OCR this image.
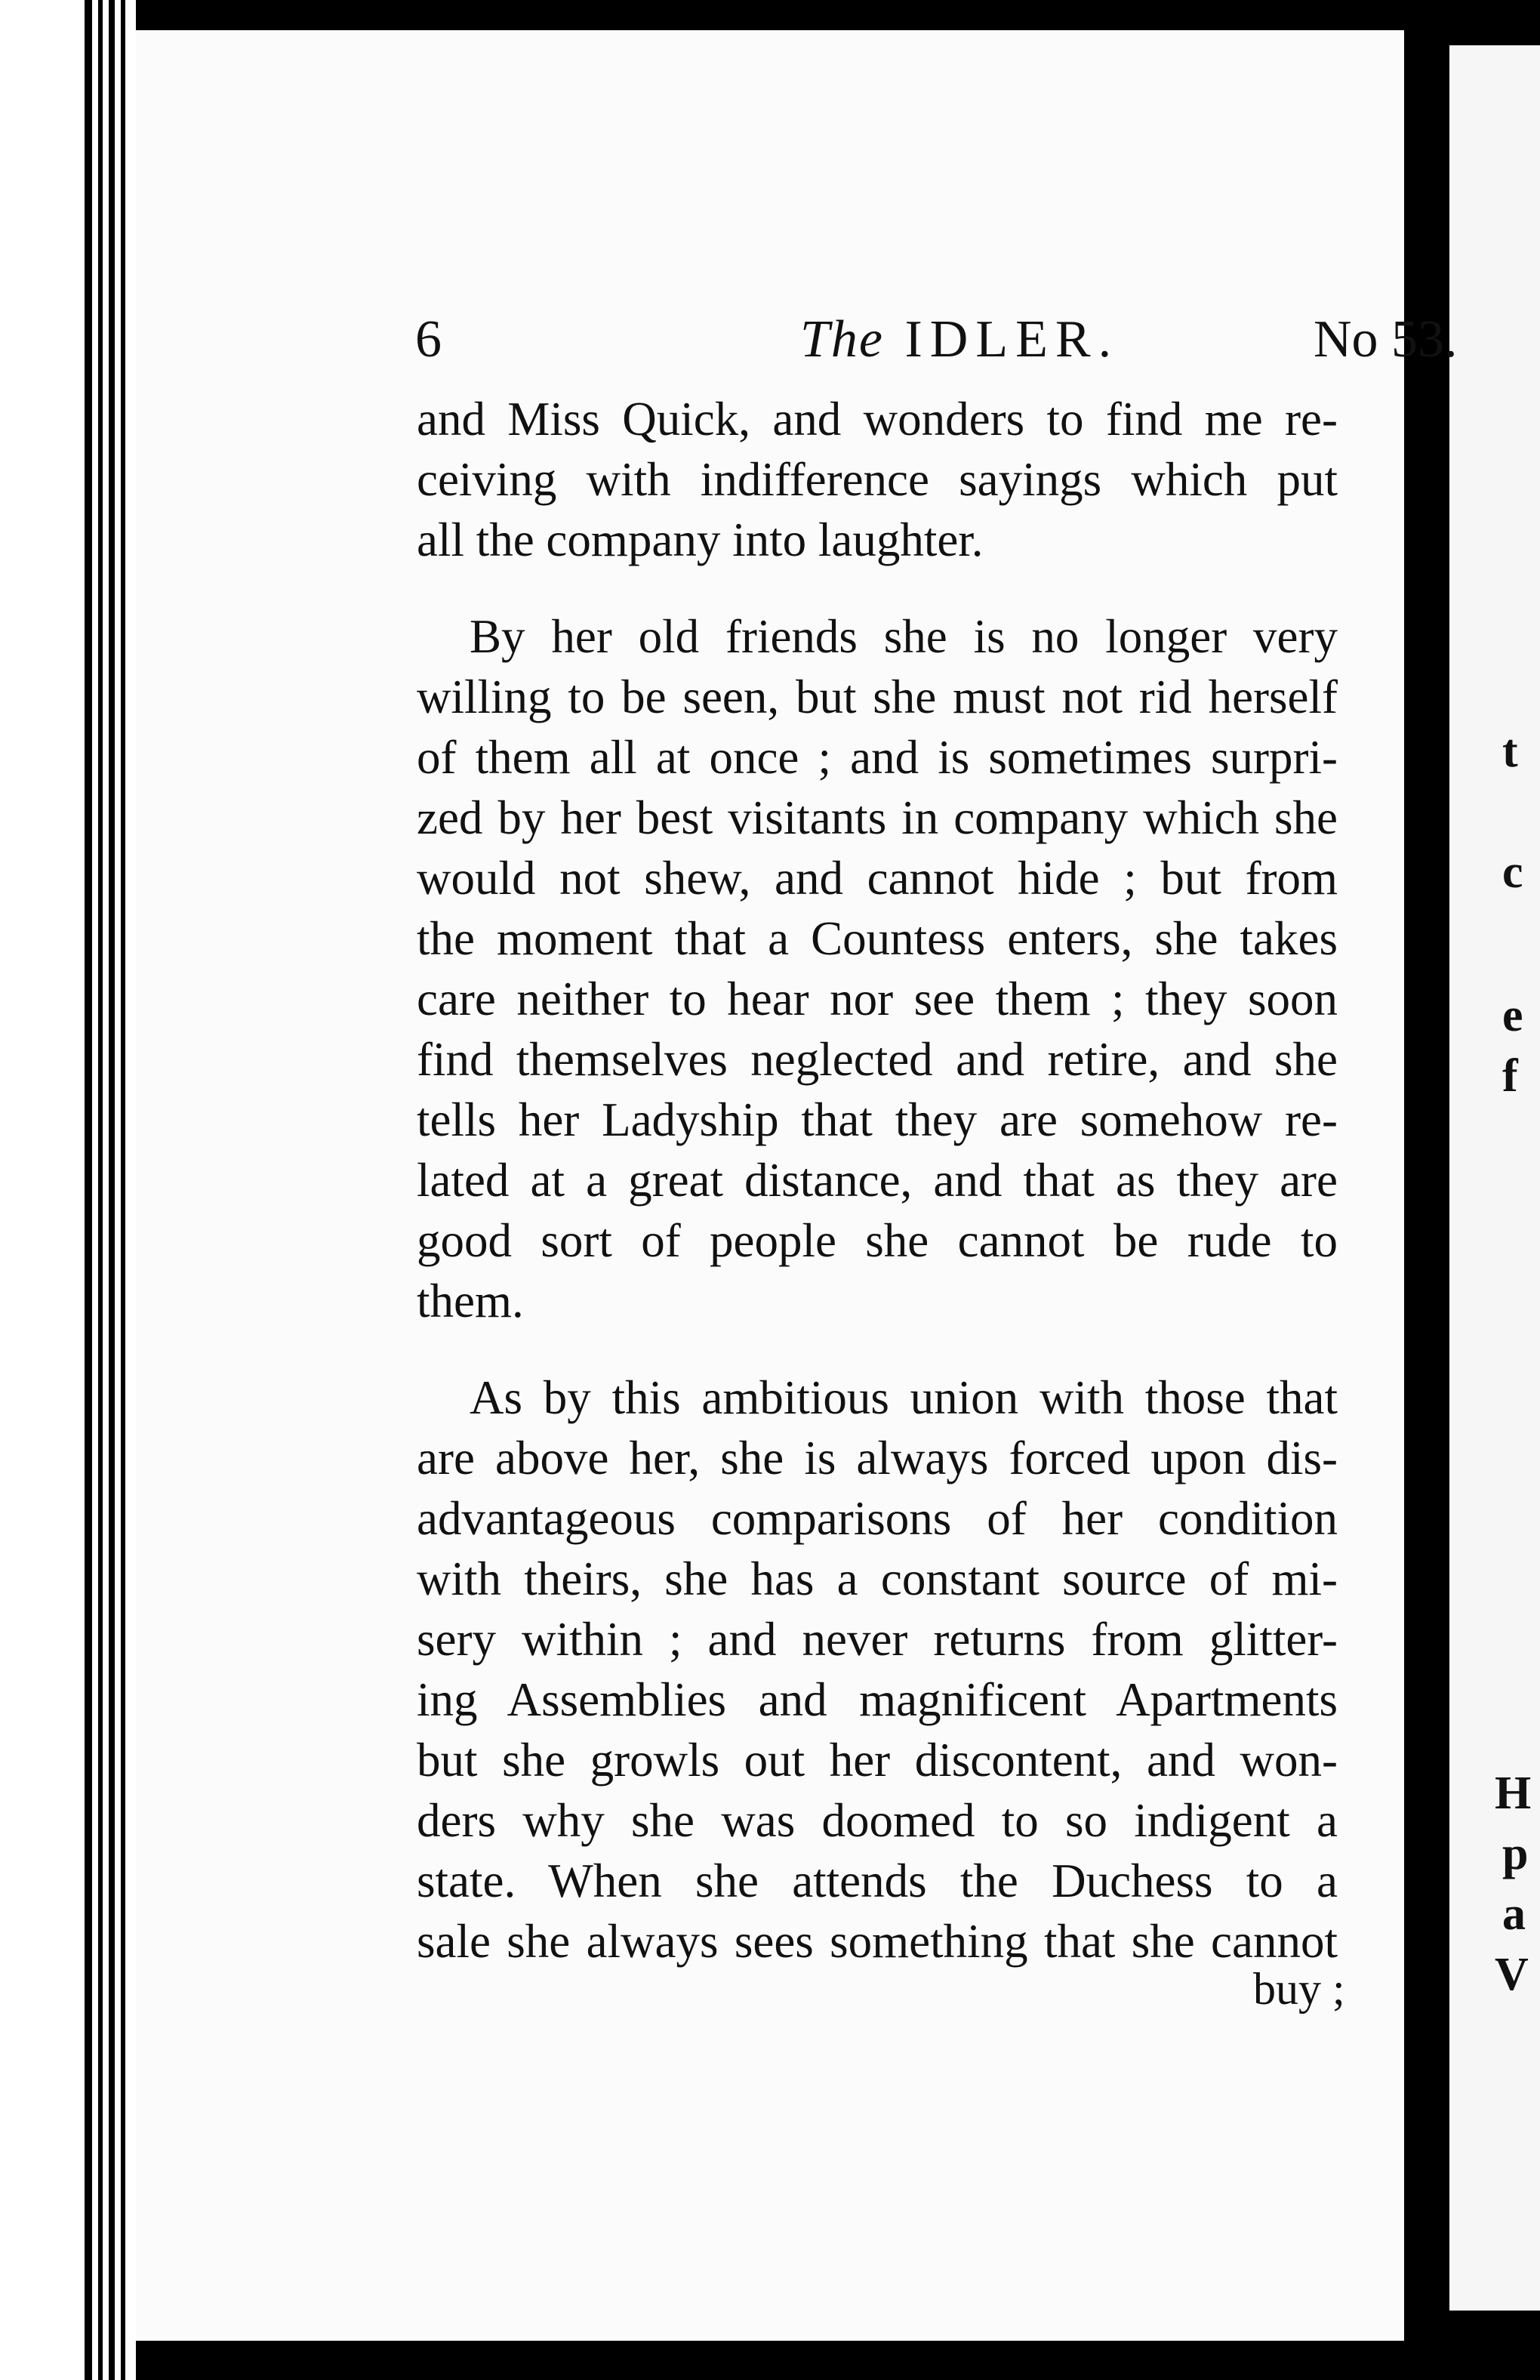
t
c
e
f
H
p
a
V
6	The IDLER.	No 53.

and Miss Quick, and wonders to find me re-
ceiving with indifference sayings which put
all the company into laughter.

By her old friends she is no longer very
willing to be seen, but she must not rid herself
of them all at once ; and is sometimes surpri-
zed by her best visitants in company which she
would not shew, and cannot hide ; but from
the moment that a Countess enters, she takes
care neither to hear nor see them ; they soon
find themselves neglected and retire, and she
tells her Ladyship that they are somehow re-
lated at a great distance, and that as they are
good sort of people she cannot be rude to
them.

As by this ambitious union with those that
are above her, she is always forced upon dis-
advantageous comparisons of her condition
with theirs, she has a constant source of mi-
sery within ; and never returns from glitter-
ing Assemblies and magnificent Apartments
but she growls out her discontent, and won-
ders why she was doomed to so indigent a
state. When she attends the Duchess to a
sale she always sees something that she cannot

buy ;
